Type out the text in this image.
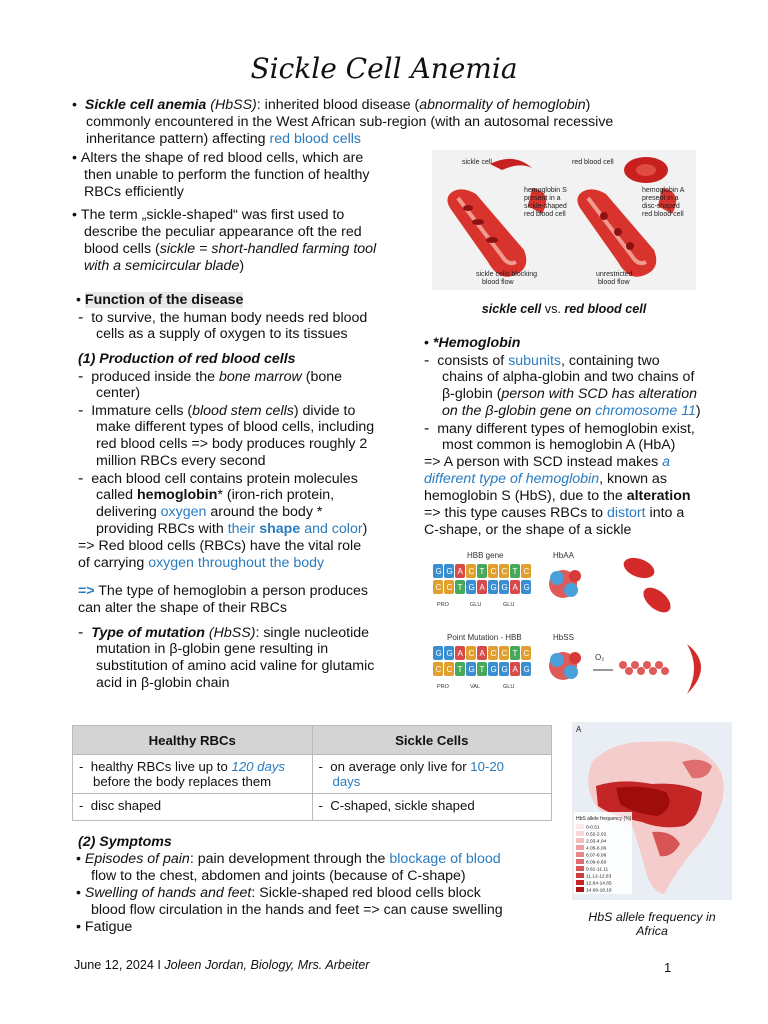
Sickle Cell Anemia
•  Sickle cell anemia (HbSS): inherited blood disease (abnormality of hemoglobin)
commonly encountered in the West African sub-region (with an autosomal recessive
inheritance pattern) affecting red blood cells
• Alters the shape of red blood cells, which are
then unable to perform the function of healthy
RBCs efficiently
• The term „sickle-shaped“ was first used to
describe the peculiar appearance oft the red
blood cells (sickle = short-handled farming tool
with a semicircular blade)
sickle cell	red blood cell
hemoglobin S
present in a
sickle-shaped
red blood cell
hemoglobin A
present in a
disc-shaped
red blood cell
sickle cells blocking
blood flow
unrestricted
blood flow
sickle cell vs. red blood cell
• Function of the disease
- to survive, the human body needs red blood
cells as a supply of oxygen to its tissues
(1) Production of red blood cells
- produced inside the bone marrow (bone
center)
- Immature cells (blood stem cells) divide to
make different types of blood cells, including
red blood cells => body produces roughly 2
million RBCs every second
- each blood cell contains protein molecules
called hemoglobin* (iron-rich protein,
delivering oxygen around the body *
providing RBCs with their shape and color)
=> Red blood cells (RBCs) have the vital role
of carrying oxygen throughout the body
=> The type of hemoglobin a person produces
can alter the shape of their RBCs
- Type of mutation (HbSS): single nucleotide
mutation in β-globin gene resulting in
substitution of amino acid valine for glutamic
acid in β-globin chain
• *Hemoglobin
- consists of subunits, containing two
chains of alpha-globin and two chains of
β-globin (person with SCD has alteration
on the β-globin gene on chromosome 11)
- many different types of hemoglobin exist,
most common is hemoglobin A (HbA)
=> A person with SCD instead makes a
different type of hemoglobin, known as
hemoglobin S (HbS), due to the alteration
=> this type causes RBCs to distort into a
C-shape, or the shape of a sickle
HBB gene	HbAA
Point Mutation - HBB	HbSS
G
C
G
C
A
T
C
G
T
A
C
G
C
G
T
A
C
G
PRO	GLU	GLU
G
C
G
C
A
T
C
G
A
T
C
G
C
G
T
A
C
G
PRO	VAL	GLU
O₂
Healthy RBCs	Sickle Cells

-  healthy RBCs live up to 120 days
before the body replaces them	-  on average only live for 10-20
days

-  disc shaped	-  C-shaped, sickle shaped
(2) Symptoms
• Episodes of pain: pain development through the blockage of blood
flow to the chest, abdomen and joints (because of C-shape)
• Swelling of hands and feet: Sickle-shaped red blood cells block
blood flow circulation in the hands and feet => can cause swelling
• Fatigue
A
HbS allele frequency (%)
0-0.51
0.52-2.02
2.03-4.04
4.05-6.06
6.07-8.08
8.09-9.60
9.61-11.11
11.12-12.63
12.64-14.65
14.66-18.18
HbS allele frequency in
Africa
June 12, 2024 I Joleen Jordan, Biology, Mrs. Arbeiter	1
